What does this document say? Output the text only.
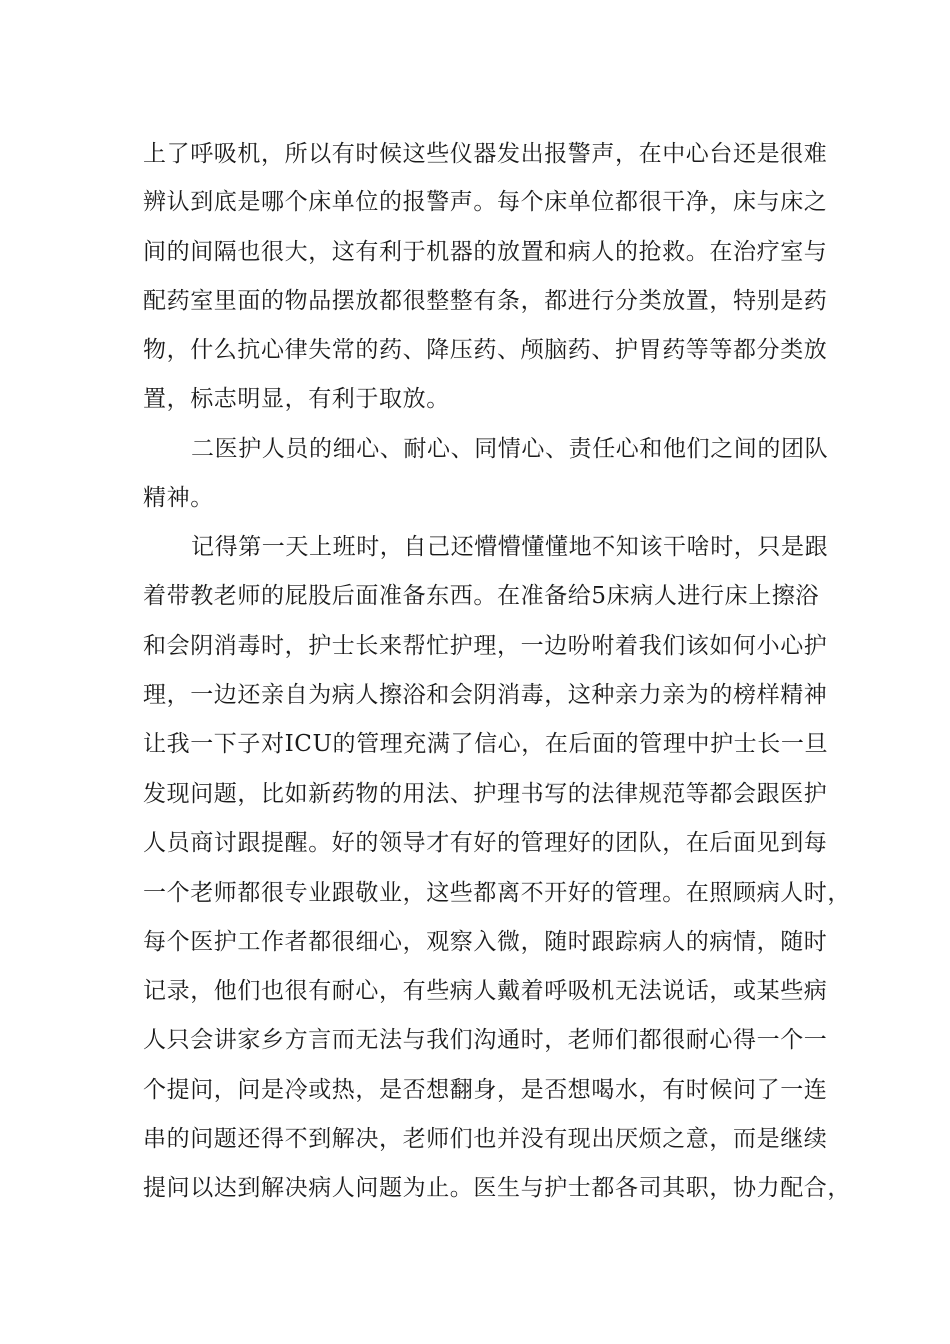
上了呼吸机，所以有时候这些仪器发出报警声，在中心台还是很难
辨认到底是哪个床单位的报警声。每个床单位都很干净，床与床之
间的间隔也很大，这有利于机器的放置和病人的抢救。在治疗室与
配药室里面的物品摆放都很整整有条，都进行分类放置，特别是药
物，什么抗心律失常的药、降压药、颅脑药、护胃药等等都分类放
置，标志明显，有利于取放。
二医护人员的细心、耐心、同情心、责任心和他们之间的团队
精神。
记得第一天上班时，自己还懵懵懂懂地不知该干啥时，只是跟
着带教老师的屁股后面准备东西。在准备给5床病人进行床上擦浴
和会阴消毒时，护士长来帮忙护理，一边吩咐着我们该如何小心护
理，一边还亲自为病人擦浴和会阴消毒，这种亲力亲为的榜样精神
让我一下子对ICU的管理充满了信心，在后面的管理中护士长一旦
发现问题，比如新药物的用法、护理书写的法律规范等都会跟医护
人员商讨跟提醒。好的领导才有好的管理好的团队，在后面见到每
一个老师都很专业跟敬业，这些都离不开好的管理。在照顾病人时，
每个医护工作者都很细心，观察入微，随时跟踪病人的病情，随时
记录，他们也很有耐心，有些病人戴着呼吸机无法说话，或某些病
人只会讲家乡方言而无法与我们沟通时，老师们都很耐心得一个一
个提问，问是冷或热，是否想翻身，是否想喝水，有时候问了一连
串的问题还得不到解决，老师们也并没有现出厌烦之意，而是继续
提问以达到解决病人问题为止。医生与护士都各司其职，协力配合，
